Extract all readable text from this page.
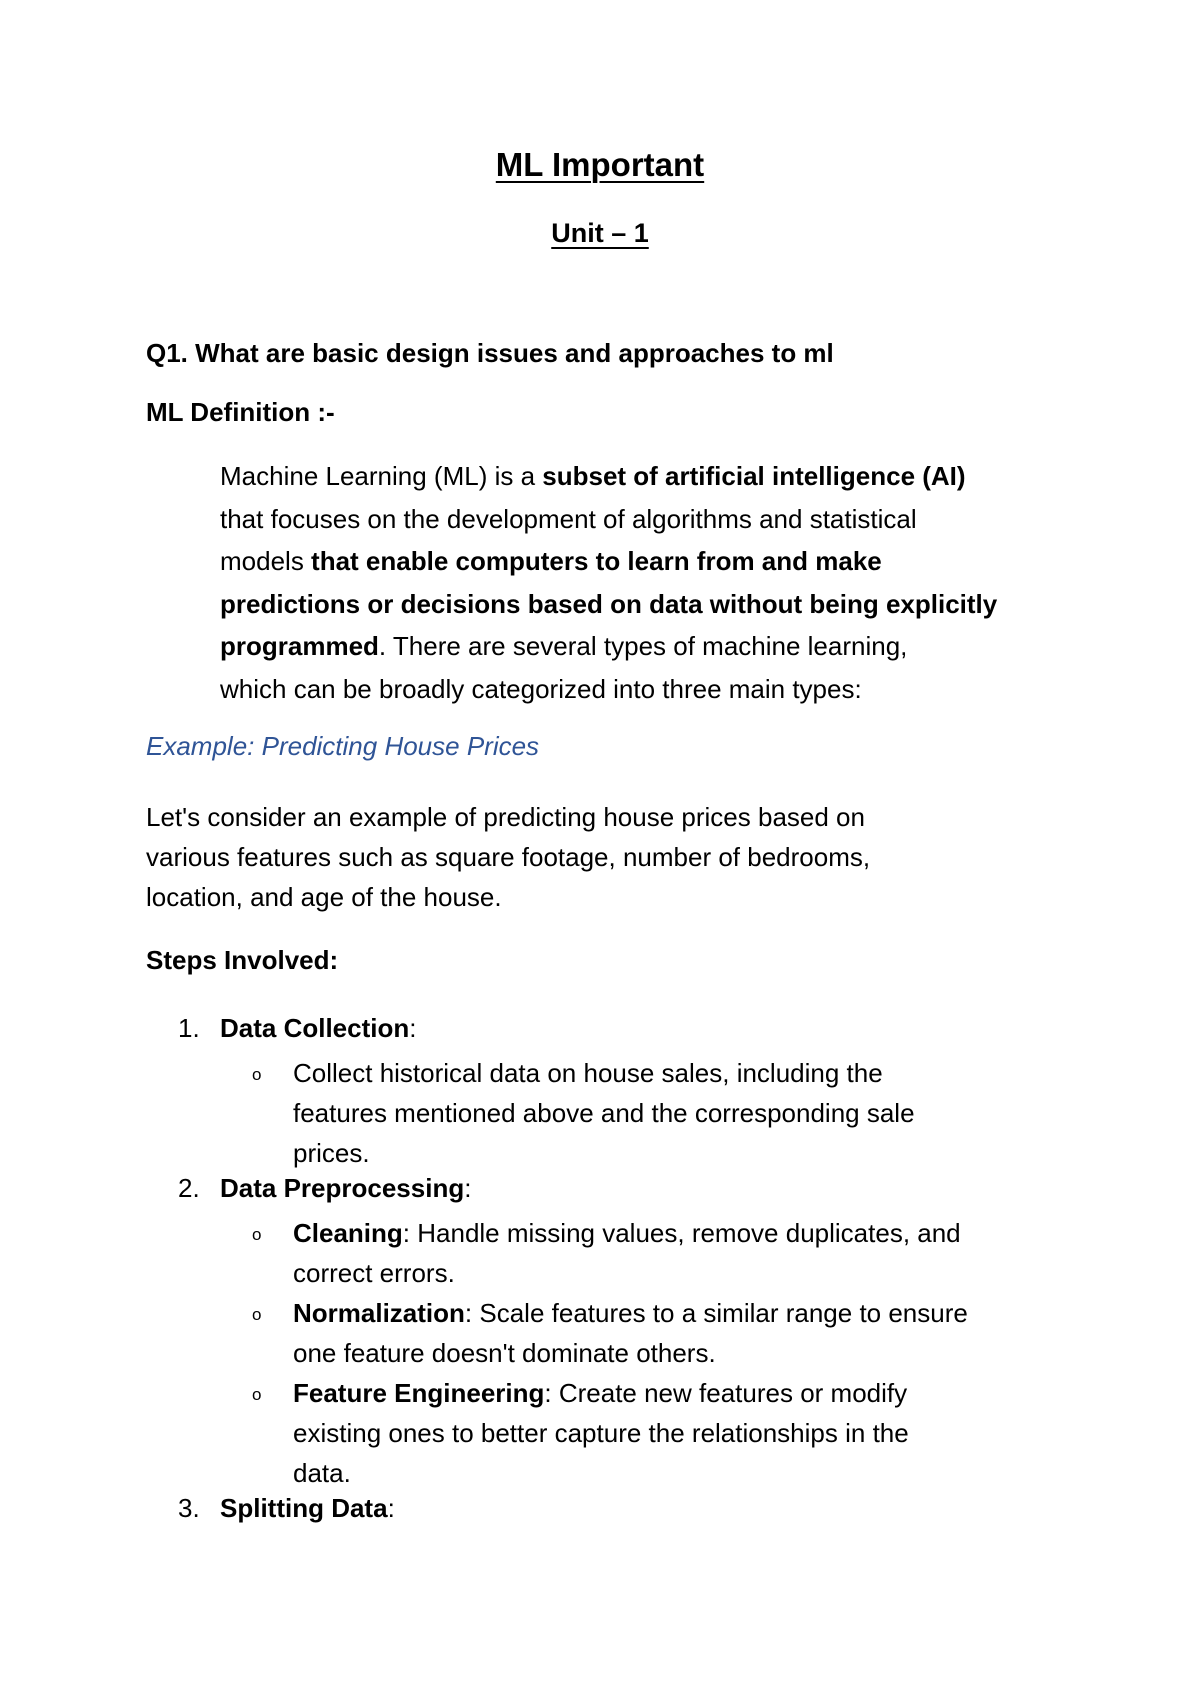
ML Important
Unit – 1
Q1. What are basic design issues and approaches to ml
ML Definition :-
Machine Learning (ML) is a subset of artificial intelligence (AI)
that focuses on the development of algorithms and statistical
models that enable computers to learn from and make
predictions or decisions based on data without being explicitly
programmed. There are several types of machine learning,
which can be broadly categorized into three main types:
Example: Predicting House Prices
Let's consider an example of predicting house prices based on
various features such as square footage, number of bedrooms,
location, and age of the house.
Steps Involved:
1. Data Collection:
o Collect historical data on house sales, including the
features mentioned above and the corresponding sale
prices.
2. Data Preprocessing:
o Cleaning: Handle missing values, remove duplicates, and
correct errors.
o Normalization: Scale features to a similar range to ensure
one feature doesn't dominate others.
o Feature Engineering: Create new features or modify
existing ones to better capture the relationships in the
data.
3. Splitting Data:
